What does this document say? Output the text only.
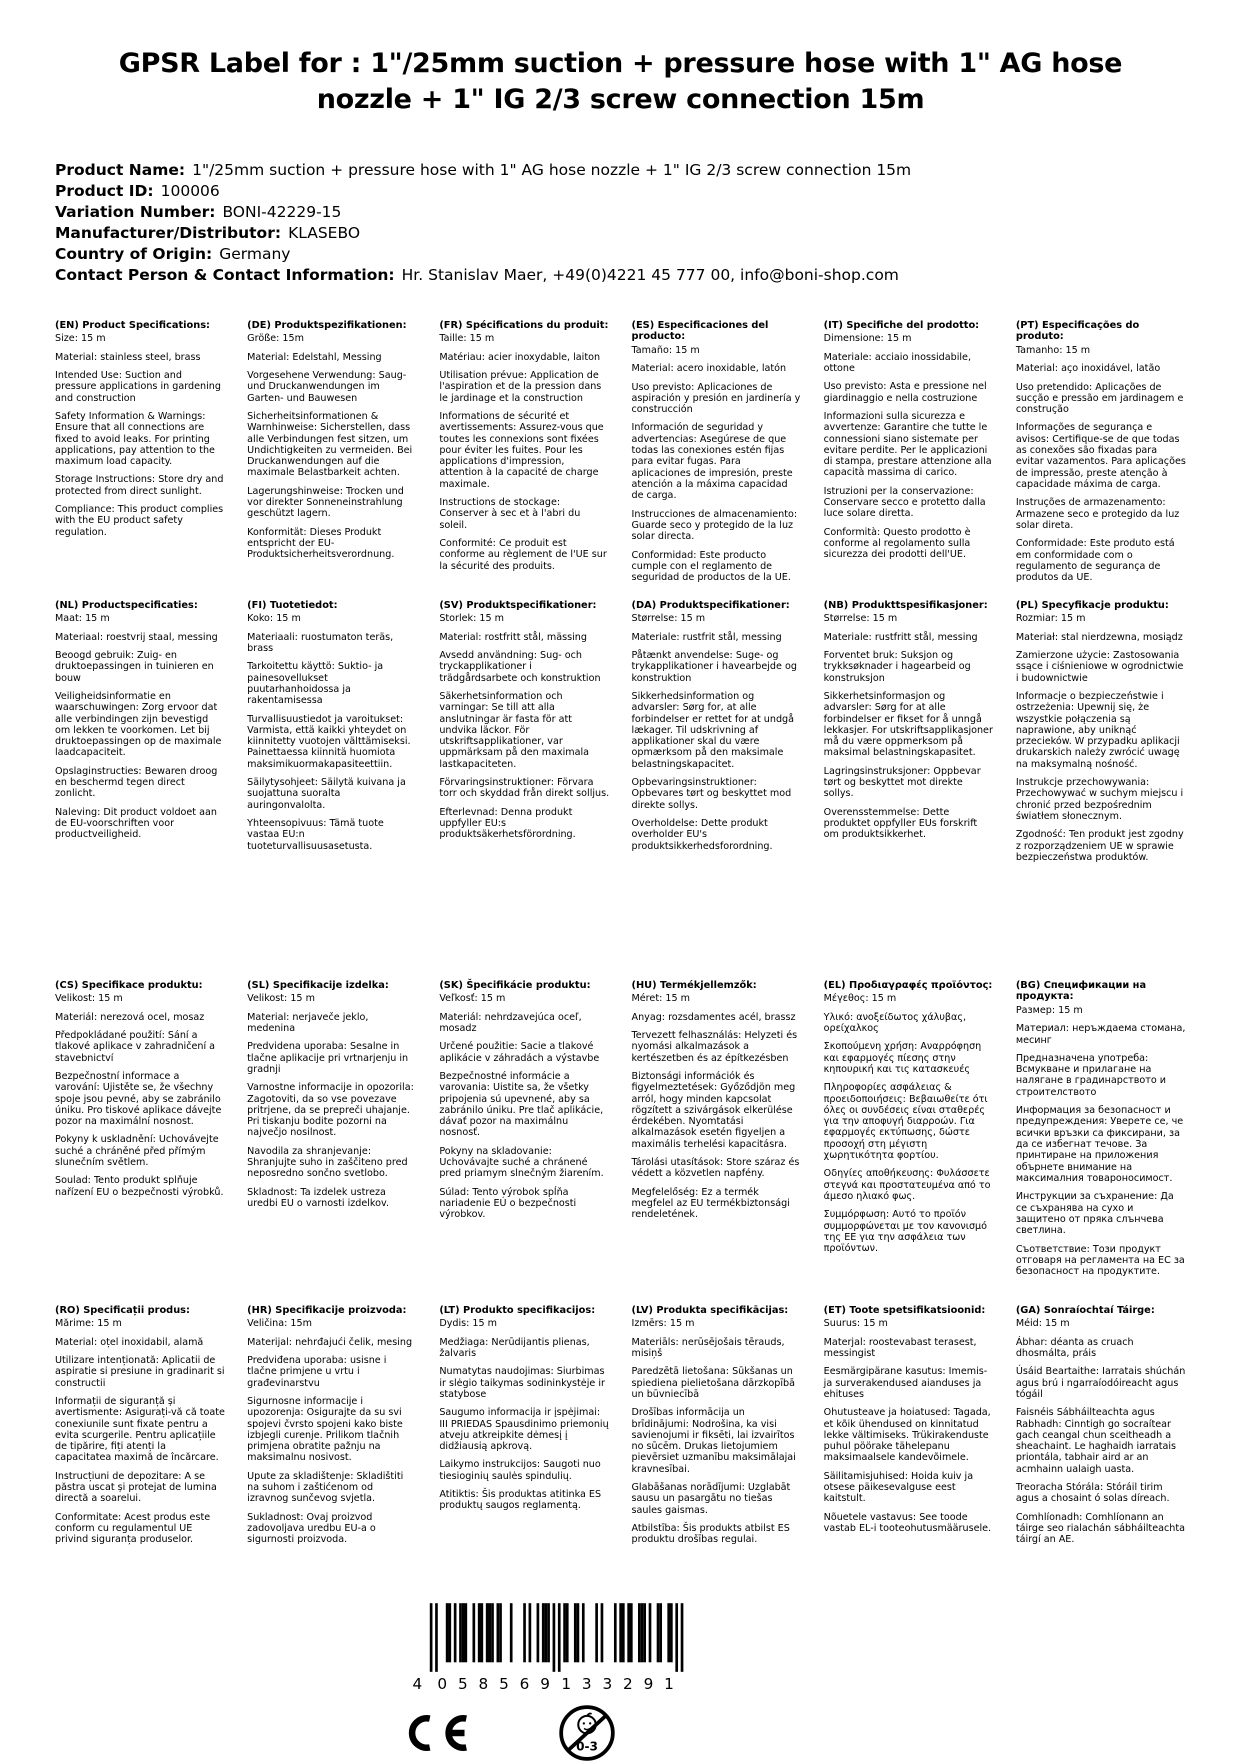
GPSR Label for : 1"/25mm suction + pressure hose with 1" AG hose nozzle + 1" IG 2/3 screw connection 15m
Product Name: 1"/25mm suction + pressure hose with 1" AG hose nozzle + 1" IG 2/3 screw connection 15m
Product ID: 100006
Variation Number: BONI-42229-15
Manufacturer/Distributor: KLASEBO
Country of Origin: Germany
Contact Person & Contact Information: Hr. Stanislav Maer, +49(0)4221 45 777 00, info@boni-shop.com
(EN) Product Specifications:

Size: 15 m

Material: stainless steel, brass

Intended Use: Suction and pressure applications in gardening and construction

Safety Information & Warnings: Ensure that all connections are fixed to avoid leaks. For printing applications, pay attention to the maximum load capacity.

Storage Instructions: Store dry and protected from direct sunlight.

Compliance: This product complies with the EU product safety regulation.

(DE) Produktspezifikationen:

Größe: 15m

Material: Edelstahl, Messing

Vorgesehene Verwendung: Saug- und Druckanwendungen im Garten- und Bauwesen

Sicherheitsinformationen & Warnhinweise: Sicherstellen, dass alle Verbindungen fest sitzen, um Undichtigkeiten zu vermeiden. Bei Druckanwendungen auf die maximale Belastbarkeit achten.

Lagerungshinweise: Trocken und vor direkter Sonneneinstrahlung geschützt lagern.

Konformität: Dieses Produkt entspricht der EU-Produktsicherheitsverordnung.

(FR) Spécifications du produit:

Taille: 15 m

Matériau: acier inoxydable, laiton

Utilisation prévue: Application de l'aspiration et de la pression dans le jardinage et la construction

Informations de sécurité et avertissements: Assurez-vous que toutes les connexions sont fixées pour éviter les fuites. Pour les applications d'impression, attention à la capacité de charge maximale.

Instructions de stockage: Conserver à sec et à l'abri du soleil.

Conformité: Ce produit est conforme au règlement de l'UE sur la sécurité des produits.

(ES) Especificaciones del producto:

Tamaño: 15 m

Material: acero inoxidable, latón

Uso previsto: Aplicaciones de aspiración y presión en jardinería y construcción

Información de seguridad y advertencias: Asegúrese de que todas las conexiones estén fijas para evitar fugas. Para aplicaciones de impresión, preste atención a la máxima capacidad de carga.

Instrucciones de almacenamiento: Guarde seco y protegido de la luz solar directa.

Conformidad: Este producto cumple con el reglamento de seguridad de productos de la UE.

(IT) Specifiche del prodotto:

Dimensione: 15 m

Materiale: acciaio inossidabile, ottone

Uso previsto: Asta e pressione nel giardinaggio e nella costruzione

Informazioni sulla sicurezza e avvertenze: Garantire che tutte le connessioni siano sistemate per evitare perdite. Per le applicazioni di stampa, prestare attenzione alla capacità massima di carico.

Istruzioni per la conservazione: Conservare secco e protetto dalla luce solare diretta.

Conformità: Questo prodotto è conforme al regolamento sulla sicurezza dei prodotti dell'UE.

(PT) Especificações do produto:

Tamanho: 15 m

Material: aço inoxidável, latão

Uso pretendido: Aplicações de sucção e pressão em jardinagem e construção

Informações de segurança e avisos: Certifique-se de que todas as conexões são fixadas para evitar vazamentos. Para aplicações de impressão, preste atenção à capacidade máxima de carga.

Instruções de armazenamento: Armazene seco e protegido da luz solar direta.

Conformidade: Este produto está em conformidade com o regulamento de segurança de produtos da UE.

(NL) Productspecificaties:

Maat: 15 m

Materiaal: roestvrij staal, messing

Beoogd gebruik: Zuig- en druktoepassingen in tuinieren en bouw

Veiligheidsinformatie en waarschuwingen: Zorg ervoor dat alle verbindingen zijn bevestigd om lekken te voorkomen. Let bij druktoepassingen op de maximale laadcapaciteit.

Opslaginstructies: Bewaren droog en beschermd tegen direct zonlicht.

Naleving: Dit product voldoet aan de EU-voorschriften voor productveiligheid.

(FI) Tuotetiedot:

Koko: 15 m

Materiaali: ruostumaton teräs, brass

Tarkoitettu käyttö: Suktio- ja painesovellukset puutarhanhoidossa ja rakentamisessa

Turvallisuustiedot ja varoitukset: Varmista, että kaikki yhteydet on kiinnitetty vuotojen välttämiseksi. Painettaessa kiinnitä huomiota maksimikuormakapasiteettiin.

Säilytysohjeet: Säilytä kuivana ja suojattuna suoralta auringonvalolta.

Yhteensopivuus: Tämä tuote vastaa EU:n tuoteturvallisuusasetusta.

(SV) Produktspecifikationer:

Storlek: 15 m

Material: rostfritt stål, mässing

Avsedd användning: Sug- och tryckapplikationer i trädgårdsarbete och konstruktion

Säkerhetsinformation och varningar: Se till att alla anslutningar är fasta för att undvika läckor. För utskriftsapplikationer, var uppmärksam på den maximala lastkapaciteten.

Förvaringsinstruktioner: Förvara torr och skyddad från direkt solljus.

Efterlevnad: Denna produkt uppfyller EU:s produktsäkerhetsförordning.

(DA) Produktspecifikationer:

Størrelse: 15 m

Materiale: rustfrit stål, messing

Påtænkt anvendelse: Suge- og trykapplikationer i havearbejde og konstruktion

Sikkerhedsinformation og advarsler: Sørg for, at alle forbindelser er rettet for at undgå lækager. Til udskrivning af applikationer skal du være opmærksom på den maksimale belastningskapacitet.

Opbevaringsinstruktioner: Opbevares tørt og beskyttet mod direkte sollys.

Overholdelse: Dette produkt overholder EU's produktsikkerhedsforordning.

(NB) Produkttspesifikasjoner:

Størrelse: 15 m

Materiale: rustfritt stål, messing

Forventet bruk: Suksjon og trykksøknader i hagearbeid og konstruksjon

Sikkerhetsinformasjon og advarsler: Sørg for at alle forbindelser er fikset for å unngå lekkasjer. For utskriftsapplikasjoner må du være oppmerksom på maksimal belastningskapasitet.

Lagringsinstruksjoner: Oppbevar tørt og beskyttet mot direkte sollys.

Overensstemmelse: Dette produktet oppfyller EUs forskrift om produktsikkerhet.

(PL) Specyfikacje produktu:

Rozmiar: 15 m

Materiał: stal nierdzewna, mosiądz

Zamierzone użycie: Zastosowania ssące i ciśnieniowe w ogrodnictwie i budownictwie

Informacje o bezpieczeństwie i ostrzeżenia: Upewnij się, że wszystkie połączenia są naprawione, aby uniknąć przecieków. W przypadku aplikacji drukarskich należy zwrócić uwagę na maksymalną nośność.

Instrukcje przechowywania: Przechowywać w suchym miejscu i chronić przed bezpośrednim światłem słonecznym.

Zgodność: Ten produkt jest zgodny z rozporządzeniem UE w sprawie bezpieczeństwa produktów.

(CS) Specifikace produktu:

Velikost: 15 m

Materiál: nerezová ocel, mosaz

Předpokládané použití: Sání a tlakové aplikace v zahradničení a stavebnictví

Bezpečnostní informace a varování: Ujistěte se, že všechny spoje jsou pevné, aby se zabránilo úniku. Pro tiskové aplikace dávejte pozor na maximální nosnost.

Pokyny k uskladnění: Uchovávejte suché a chráněné před přímým slunečním světlem.

Soulad: Tento produkt splňuje nařízení EU o bezpečnosti výrobků.

(SL) Specifikacije izdelka:

Velikost: 15 m

Material: nerjaveče jeklo, medenina

Predvidena uporaba: Sesalne in tlačne aplikacije pri vrtnarjenju in gradnji

Varnostne informacije in opozorila: Zagotoviti, da so vse povezave pritrjene, da se prepreči uhajanje. Pri tiskanju bodite pozorni na največjo nosilnost.

Navodila za shranjevanje: Shranjujte suho in zaščiteno pred neposredno sončno svetlobo.

Skladnost: Ta izdelek ustreza uredbi EU o varnosti izdelkov.

(SK) Špecifikácie produktu:

Veľkosť: 15 m

Materiál: nehrdzavejúca oceľ, mosadz

Určené použitie: Sacie a tlakové aplikácie v záhradách a výstavbe

Bezpečnostné informácie a varovania: Uistite sa, že všetky pripojenia sú upevnené, aby sa zabránilo úniku. Pre tlač aplikácie, dávať pozor na maximálnu nosnosť.

Pokyny na skladovanie: Uchovávajte suché a chránené pred priamym slnečným žiarením.

Súlad: Tento výrobok spĺňa nariadenie EÚ o bezpečnosti výrobkov.

(HU) Termékjellemzők:

Méret: 15 m

Anyag: rozsdamentes acél, brassz

Tervezett felhasználás: Helyzeti és nyomási alkalmazások a kertészetben és az építkezésben

Biztonsági információk és figyelmeztetések: Győződjön meg arról, hogy minden kapcsolat rögzített a szivárgások elkerülése érdekében. Nyomtatási alkalmazások esetén figyeljen a maximális terhelési kapacitásra.

Tárolási utasítások: Store száraz és védett a közvetlen napfény.

Megfelelőség: Ez a termék megfelel az EU termékbiztonsági rendeletének.

(EL) Προδιαγραφές προϊόντος:

Μέγεθος: 15 m

Υλικό: ανοξείδωτος χάλυβας, ορείχαλκος

Σκοπούμενη χρήση: Αναρρόφηση και εφαρμογές πίεσης στην κηπουρική και τις κατασκευές

Πληροφορίες ασφάλειας & προειδοποιήσεις: Βεβαιωθείτε ότι όλες οι συνδέσεις είναι σταθερές για την αποφυγή διαρροών. Για εφαρμογές εκτύπωσης, δώστε προσοχή στη μέγιστη χωρητικότητα φορτίου.

Οδηγίες αποθήκευσης: Φυλάσσετε στεγνά και προστατευμένα από το άμεσο ηλιακό φως.

Συμμόρφωση: Αυτό το προϊόν συμμορφώνεται με τον κανονισμό της ΕΕ για την ασφάλεια των προϊόντων.

(BG) Спецификации на продукта:

Размер: 15 m

Материал: неръждаема стомана, месинг

Предназначена употреба: Всмукване и прилагане на налягане в градинарството и строителството

Информация за безопасност и предупреждения: Уверете се, че всички връзки са фиксирани, за да се избегнат течове. За принтиране на приложения обърнете внимание на максималния товароносимост.

Инструкции за съхранение: Да се съхранява на сухо и защитено от пряка слънчева светлина.

Съответствие: Този продукт отговаря на регламента на ЕС за безопасност на продуктите.

(RO) Specificații produs:

Mărime: 15 m

Material: oțel inoxidabil, alamă

Utilizare intenționată: Aplicatii de aspiratie si presiune in gradinarit si constructii

Informații de siguranță și avertismente: Asigurați-vă că toate conexiunile sunt fixate pentru a evita scurgerile. Pentru aplicațiile de tipărire, fiți atenți la capacitatea maximă de încărcare.

Instrucțiuni de depozitare: A se păstra uscat și protejat de lumina directă a soarelui.

Conformitate: Acest produs este conform cu regulamentul UE privind siguranța produselor.

(HR) Specifikacije proizvoda:

Veličina: 15m

Materijal: nehrđajući čelik, mesing

Predviđena uporaba: usisne i tlačne primjene u vrtu i građevinarstvu

Sigurnosne informacije i upozorenja: Osigurajte da su svi spojevi čvrsto spojeni kako biste izbjegli curenje. Prilikom tlačnih primjena obratite pažnju na maksimalnu nosivost.

Upute za skladištenje: Skladištiti na suhom i zaštićenom od izravnog sunčevog svjetla.

Sukladnost: Ovaj proizvod zadovoljava uredbu EU-a o sigurnosti proizvoda.

(LT) Produkto specifikacijos:

Dydis: 15 m

Medžiaga: Nerūdijantis plienas, žalvaris

Numatytas naudojimas: Siurbimas ir slėgio taikymas sodininkystėje ir statybose

Saugumo informacija ir įspėjimai: III PRIEDAS Spausdinimo priemonių atveju atkreipkite dėmesį į didžiausią apkrovą.

Laikymo instrukcijos: Saugoti nuo tiesioginių saulės spindulių.

Atitiktis: Šis produktas atitinka ES produktų saugos reglamentą.

(LV) Produkta specifikācijas:

Izmērs: 15 m

Materiāls: nerūsējošais tērauds, misiņš

Paredzētā lietošana: Sūkšanas un spiediena pielietošana dārzkopībā un būvniecībā

Drošības informācija un brīdinājumi: Nodrošina, ka visi savienojumi ir fiksēti, lai izvairītos no sūcēm. Drukas lietojumiem pievērsiet uzmanību maksimālajai kravnesībai.

Glabāšanas norādījumi: Uzglabāt sausu un pasargātu no tiešas saules gaismas.

Atbilstība: Šis produkts atbilst ES produktu drošības regulai.

(ET) Toote spetsifikatsioonid:

Suurus: 15 m

Materjal: roostevabast terasest, messingist

Eesmärgipärane kasutus: Imemis- ja surverakendused aianduses ja ehituses

Ohutusteave ja hoiatused: Tagada, et kõik ühendused on kinnitatud lekke vältimiseks. Trükirakenduste puhul pöörake tähelepanu maksimaalsele kandevõimele.

Säilitamisjuhised: Hoida kuiv ja otsese päikesevalguse eest kaitstult.

Nõuetele vastavus: See toode vastab EL-i tooteohutusmäärusele.

(GA) Sonraíochtaí Táirge:

Méid: 15 m

Ábhar: déanta as cruach dhosmálta, práis

Úsáid Beartaithe: Iarratais shúchán agus brú i ngarraíodóireacht agus tógáil

Faisnéis Sábháilteachta agus Rabhadh: Cinntigh go socraítear gach ceangal chun sceitheadh a sheachaint. Le haghaidh iarratais priontála, tabhair aird ar an acmhainn ualaigh uasta.

Treoracha Stórála: Stóráil tirim agus a chosaint ó solas díreach.

Comhlíonadh: Comhlíonann an táirge seo rialachán sábháilteachta táirgí an AE.

4 058569 133291
0-3
